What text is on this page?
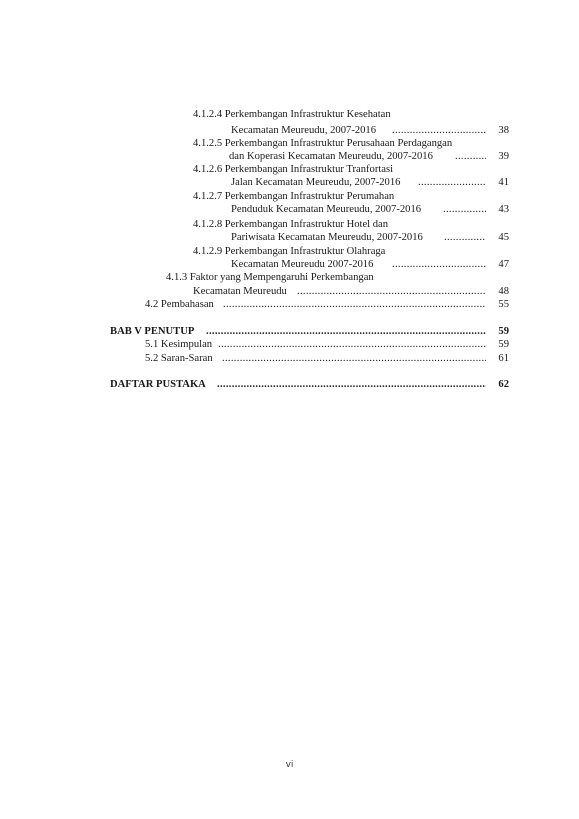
4.1.2.4 Perkembangan Infrastruktur Kesehatan
Kecamatan Meureudu, 2007-2016 .....	38
4.1.2.5 Perkembangan Infrastruktur Perusahaan Perdagangan
dan Koperasi Kecamatan Meureudu, 2007-2016 .....	39
4.1.2.6 Perkembangan Infrastruktur Tranfortasi
Jalan Kecamatan Meureudu, 2007-2016 .....	41
4.1.2.7 Perkembangan Infrastruktur Perumahan
Penduduk Kecamatan Meureudu, 2007-2016 .....	43
4.1.2.8 Perkembangan Infrastruktur Hotel dan
Pariwisata Kecamatan Meureudu, 2007-2016 .....	45
4.1.2.9 Perkembangan Infrastruktur Olahraga
Kecamatan Meureudu 2007-2016 .....	47
4.1.3 Faktor yang Mempengaruhi Perkembangan
Kecamatan Meureudu .....	48
4.2 Pembahasan .....	55
BAB V PENUTUP .....	59
5.1 Kesimpulan .....	59
5.2 Saran-Saran .....	61
DAFTAR PUSTAKA .....	62
vi
